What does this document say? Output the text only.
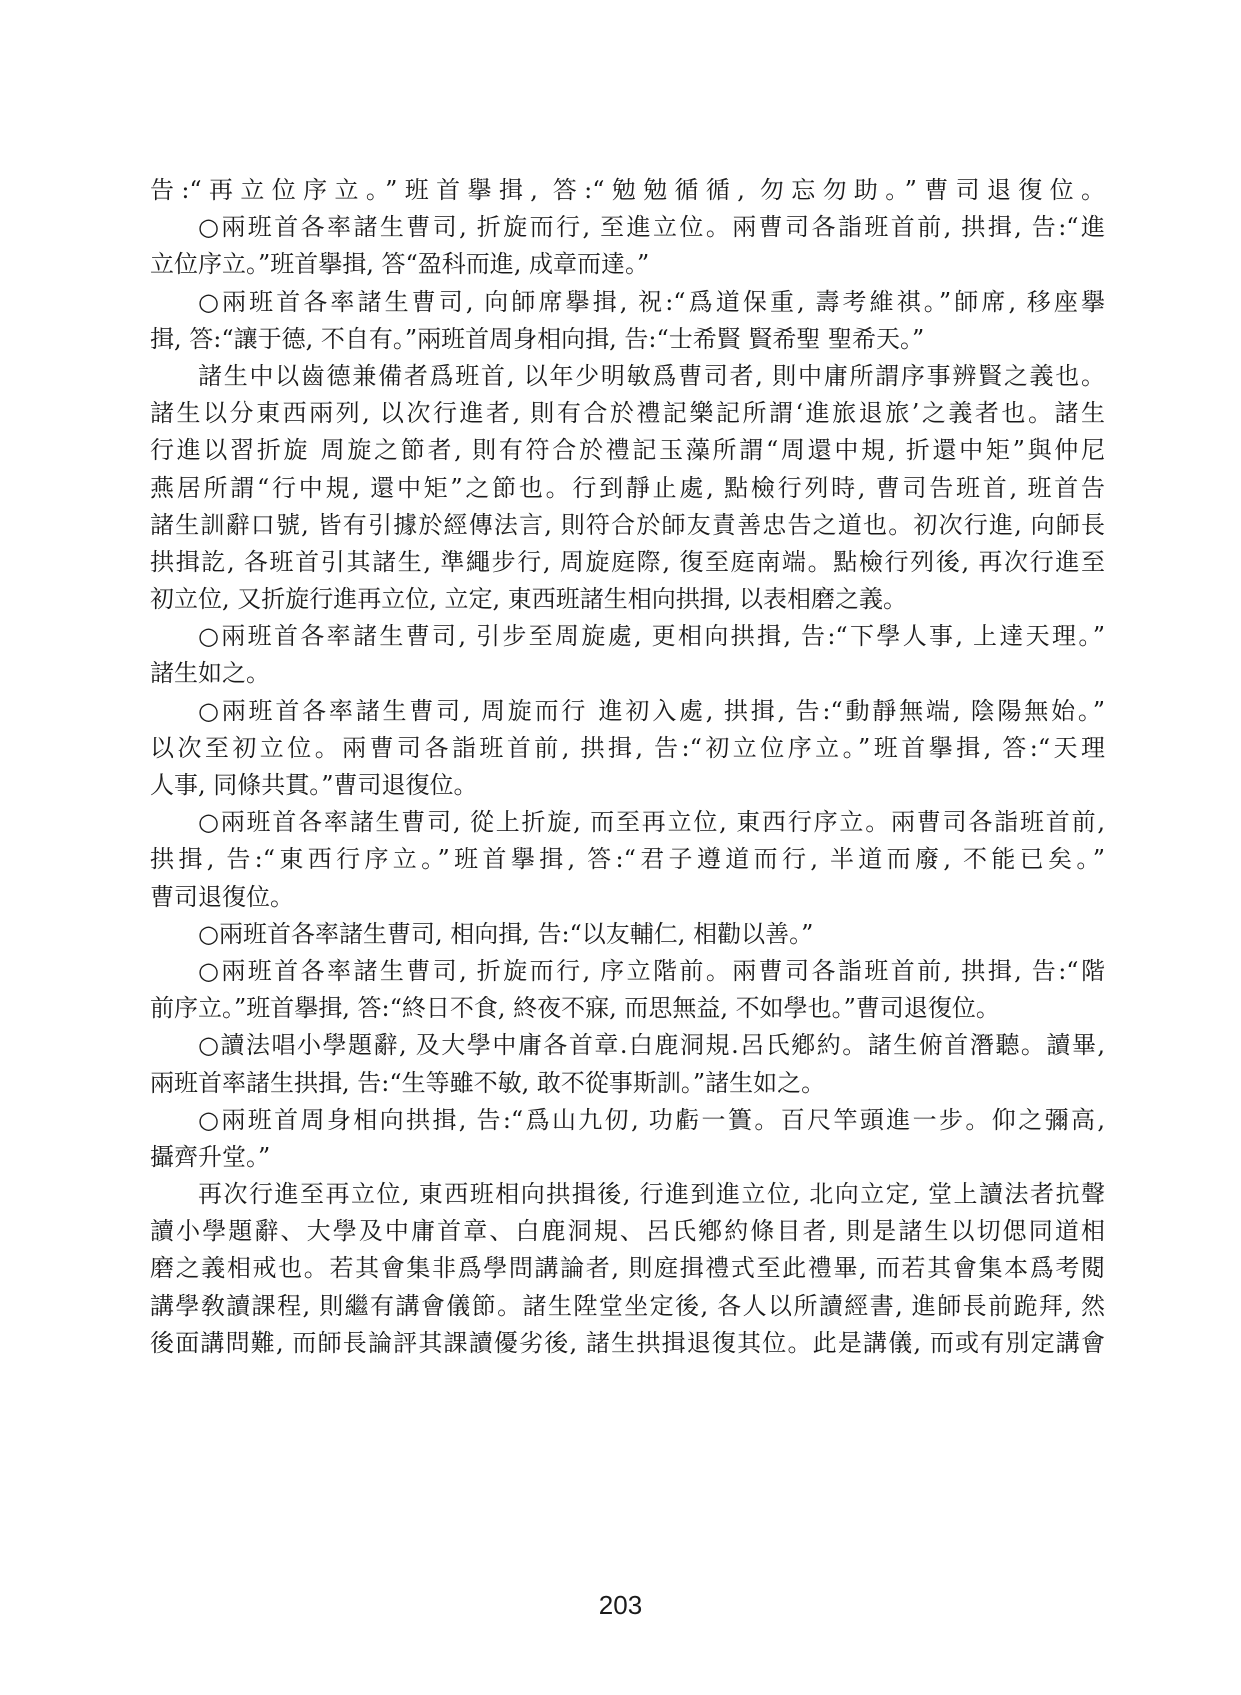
告:“再立位序立。”班首擧揖, 答:“勉勉循循, 勿忘勿助。”曹司退復位。
○兩班首各率諸生曹司, 折旋而行, 至進立位。兩曹司各詣班首前, 拱揖, 告:“進
立位序立。”班首擧揖, 答“盈科而進, 成章而達。”
○兩班首各率諸生曹司, 向師席擧揖, 祝:“爲道保重, 壽考維祺。”師席, 移座擧
揖, 答:“讓于德, 不自有。”兩班首周身相向揖, 告:“士希賢 賢希聖 聖希天。”
諸生中以齒德兼備者爲班首, 以年少明敏爲曹司者, 則中庸所謂序事辨賢之義也。
諸生以分東西兩列, 以次行進者, 則有合於禮記樂記所謂‘進旅退旅’之義者也。諸生
行進以習折旋 周旋之節者, 則有符合於禮記玉藻所謂“周還中規, 折還中矩”與仲尼
燕居所謂“行中規, 還中矩”之節也。行到靜止處, 點檢行列時, 曹司告班首, 班首告
諸生訓辭口號, 皆有引據於經傳法言, 則符合於師友責善忠告之道也。初次行進, 向師長
拱揖訖, 各班首引其諸生, 準繩步行, 周旋庭際, 復至庭南端。點檢行列後, 再次行進至
初立位, 又折旋行進再立位, 立定, 東西班諸生相向拱揖, 以表相磨之義。
○兩班首各率諸生曹司, 引步至周旋處, 更相向拱揖, 告:“下學人事, 上達天理。”
諸生如之。
○兩班首各率諸生曹司, 周旋而行 進初入處, 拱揖, 告:“動靜無端, 陰陽無始。”
以次至初立位。兩曹司各詣班首前, 拱揖, 告:“初立位序立。”班首擧揖, 答:“天理
人事, 同條共貫。”曹司退復位。
○兩班首各率諸生曹司, 從上折旋, 而至再立位, 東西行序立。兩曹司各詣班首前,
拱揖, 告:“東西行序立。”班首擧揖, 答:“君子遵道而行, 半道而廢, 不能已矣。”
曹司退復位。
○兩班首各率諸生曹司, 相向揖, 告:“以友輔仁, 相勸以善。”
○兩班首各率諸生曹司, 折旋而行, 序立階前。兩曹司各詣班首前, 拱揖, 告:“階
前序立。”班首擧揖, 答:“終日不食, 終夜不寐, 而思無益, 不如學也。”曹司退復位。
○讀法唱小學題辭, 及大學中庸各首章.白鹿洞規.呂氏鄕約。諸生俯首潛聽。讀畢,
兩班首率諸生拱揖, 告:“生等雖不敏, 敢不從事斯訓。”諸生如之。
○兩班首周身相向拱揖, 告:“爲山九仞, 功虧一簣。百尺竿頭進一步。仰之彌高,
攝齊升堂。”
再次行進至再立位, 東西班相向拱揖後, 行進到進立位, 北向立定, 堂上讀法者抗聲
讀小學題辭、大學及中庸首章、白鹿洞規、呂氏鄕約條目者, 則是諸生以切偲同道相
磨之義相戒也。若其會集非爲學問講論者, 則庭揖禮式至此禮畢, 而若其會集本爲考閱
講學敎讀課程, 則繼有講會儀節。諸生陞堂坐定後, 各人以所讀經書, 進師長前跪拜, 然
後面講問難, 而師長論評其課讀優劣後, 諸生拱揖退復其位。此是講儀, 而或有別定講會
203
